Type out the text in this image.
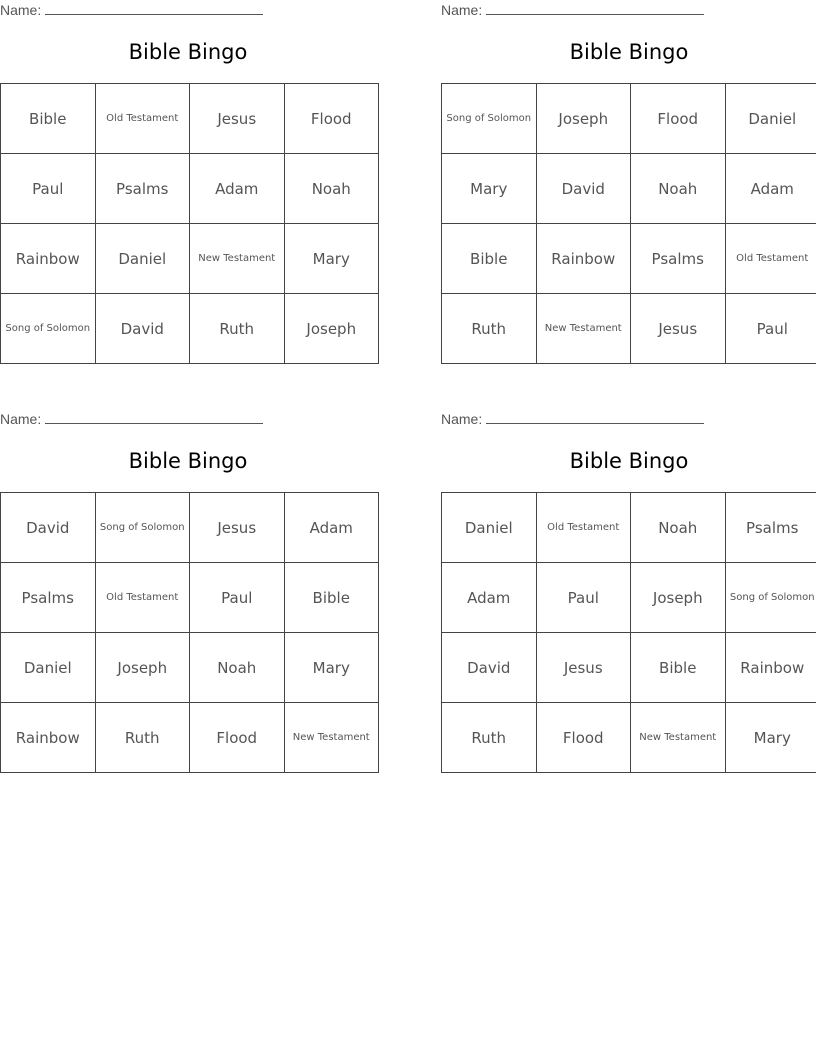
Name:
Bible Bingo
Bible	Old Testament	Jesus	Flood
Paul	Psalms	Adam	Noah
Rainbow	Daniel	New Testament	Mary
Song of Solomon	David	Ruth	Joseph
Name:
Bible Bingo
Song of Solomon	Joseph	Flood	Daniel
Mary	David	Noah	Adam
Bible	Rainbow	Psalms	Old Testament
Ruth	New Testament	Jesus	Paul
Name:
Bible Bingo
David	Song of Solomon	Jesus	Adam
Psalms	Old Testament	Paul	Bible
Daniel	Joseph	Noah	Mary
Rainbow	Ruth	Flood	New Testament
Name:
Bible Bingo
Daniel	Old Testament	Noah	Psalms
Adam	Paul	Joseph	Song of Solomon
David	Jesus	Bible	Rainbow
Ruth	Flood	New Testament	Mary
